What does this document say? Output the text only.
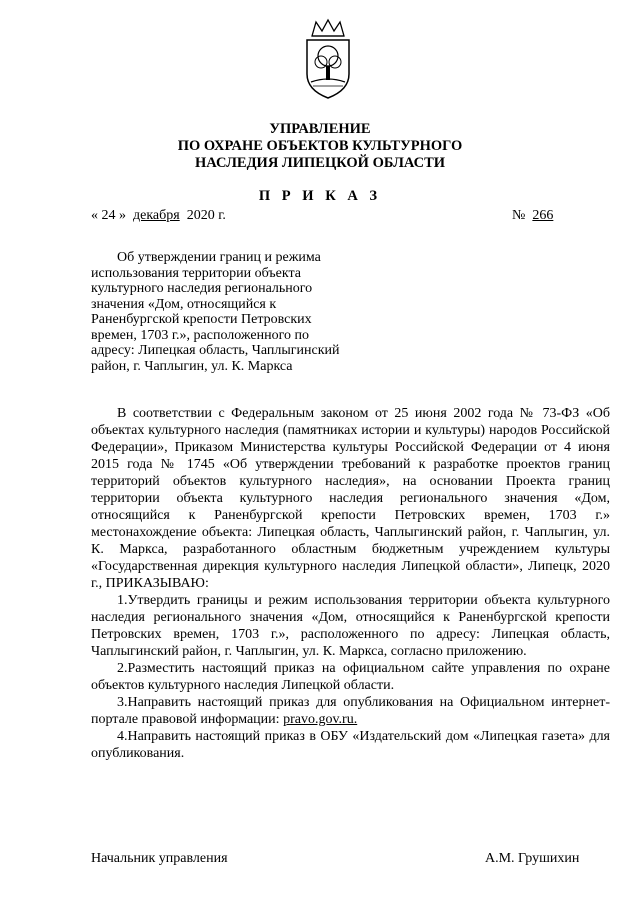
УПРАВЛЕНИЕ
ПО ОХРАНЕ ОБЪЕКТОВ КУЛЬТУРНОГО
НАСЛЕДИЯ ЛИПЕЦКОЙ ОБЛАСТИ
П Р И К А З
« 24 » декабря 2020 г.	№ 266
Об утверждении границ и режима
использования территории объекта
культурного наследия регионального
значения «Дом, относящийся к
Раненбургской крепости Петровских
времен, 1703 г.», расположенного по
адресу: Липецкая область, Чаплыгинский
район, г. Чаплыгин, ул. К. Маркса

В соответствии с Федеральным законом от 25 июня 2002 года № 73-ФЗ «Об объектах культурного наследия (памятниках истории и культуры) народов Российской Федерации», Приказом Министерства культуры Российской Федерации от 4 июня 2015 года № 1745 «Об утверждении требований к разработке проектов границ территорий объектов культурного наследия», на основании Проекта границ территории объекта культурного наследия регионального значения «Дом, относящийся к Раненбургской крепости Петровских времен, 1703 г.» местонахождение объекта: Липецкая область, Чаплыгинский район, г. Чаплыгин, ул. К. Маркса, разработанного областным бюджетным учреждением культуры «Государственная дирекция культурного наследия Липецкой области», Липецк, 2020 г., ПРИКАЗЫВАЮ:

1.Утвердить границы и режим использования территории объекта культурного наследия регионального значения «Дом, относящийся к Раненбургской крепости Петровских времен, 1703 г.», расположенного по адресу: Липецкая область, Чаплыгинский район, г. Чаплыгин, ул. К. Маркса, согласно приложению.

2.Разместить настоящий приказ на официальном сайте управления по охране объектов культурного наследия Липецкой области.

3.Направить настоящий приказ для опубликования на Официальном интернет-портале правовой информации: pravo.gov.ru.

4.Направить настоящий приказ в ОБУ «Издательский дом «Липецкая газета» для опубликования.

Начальник управления	А.М. Грушихин
